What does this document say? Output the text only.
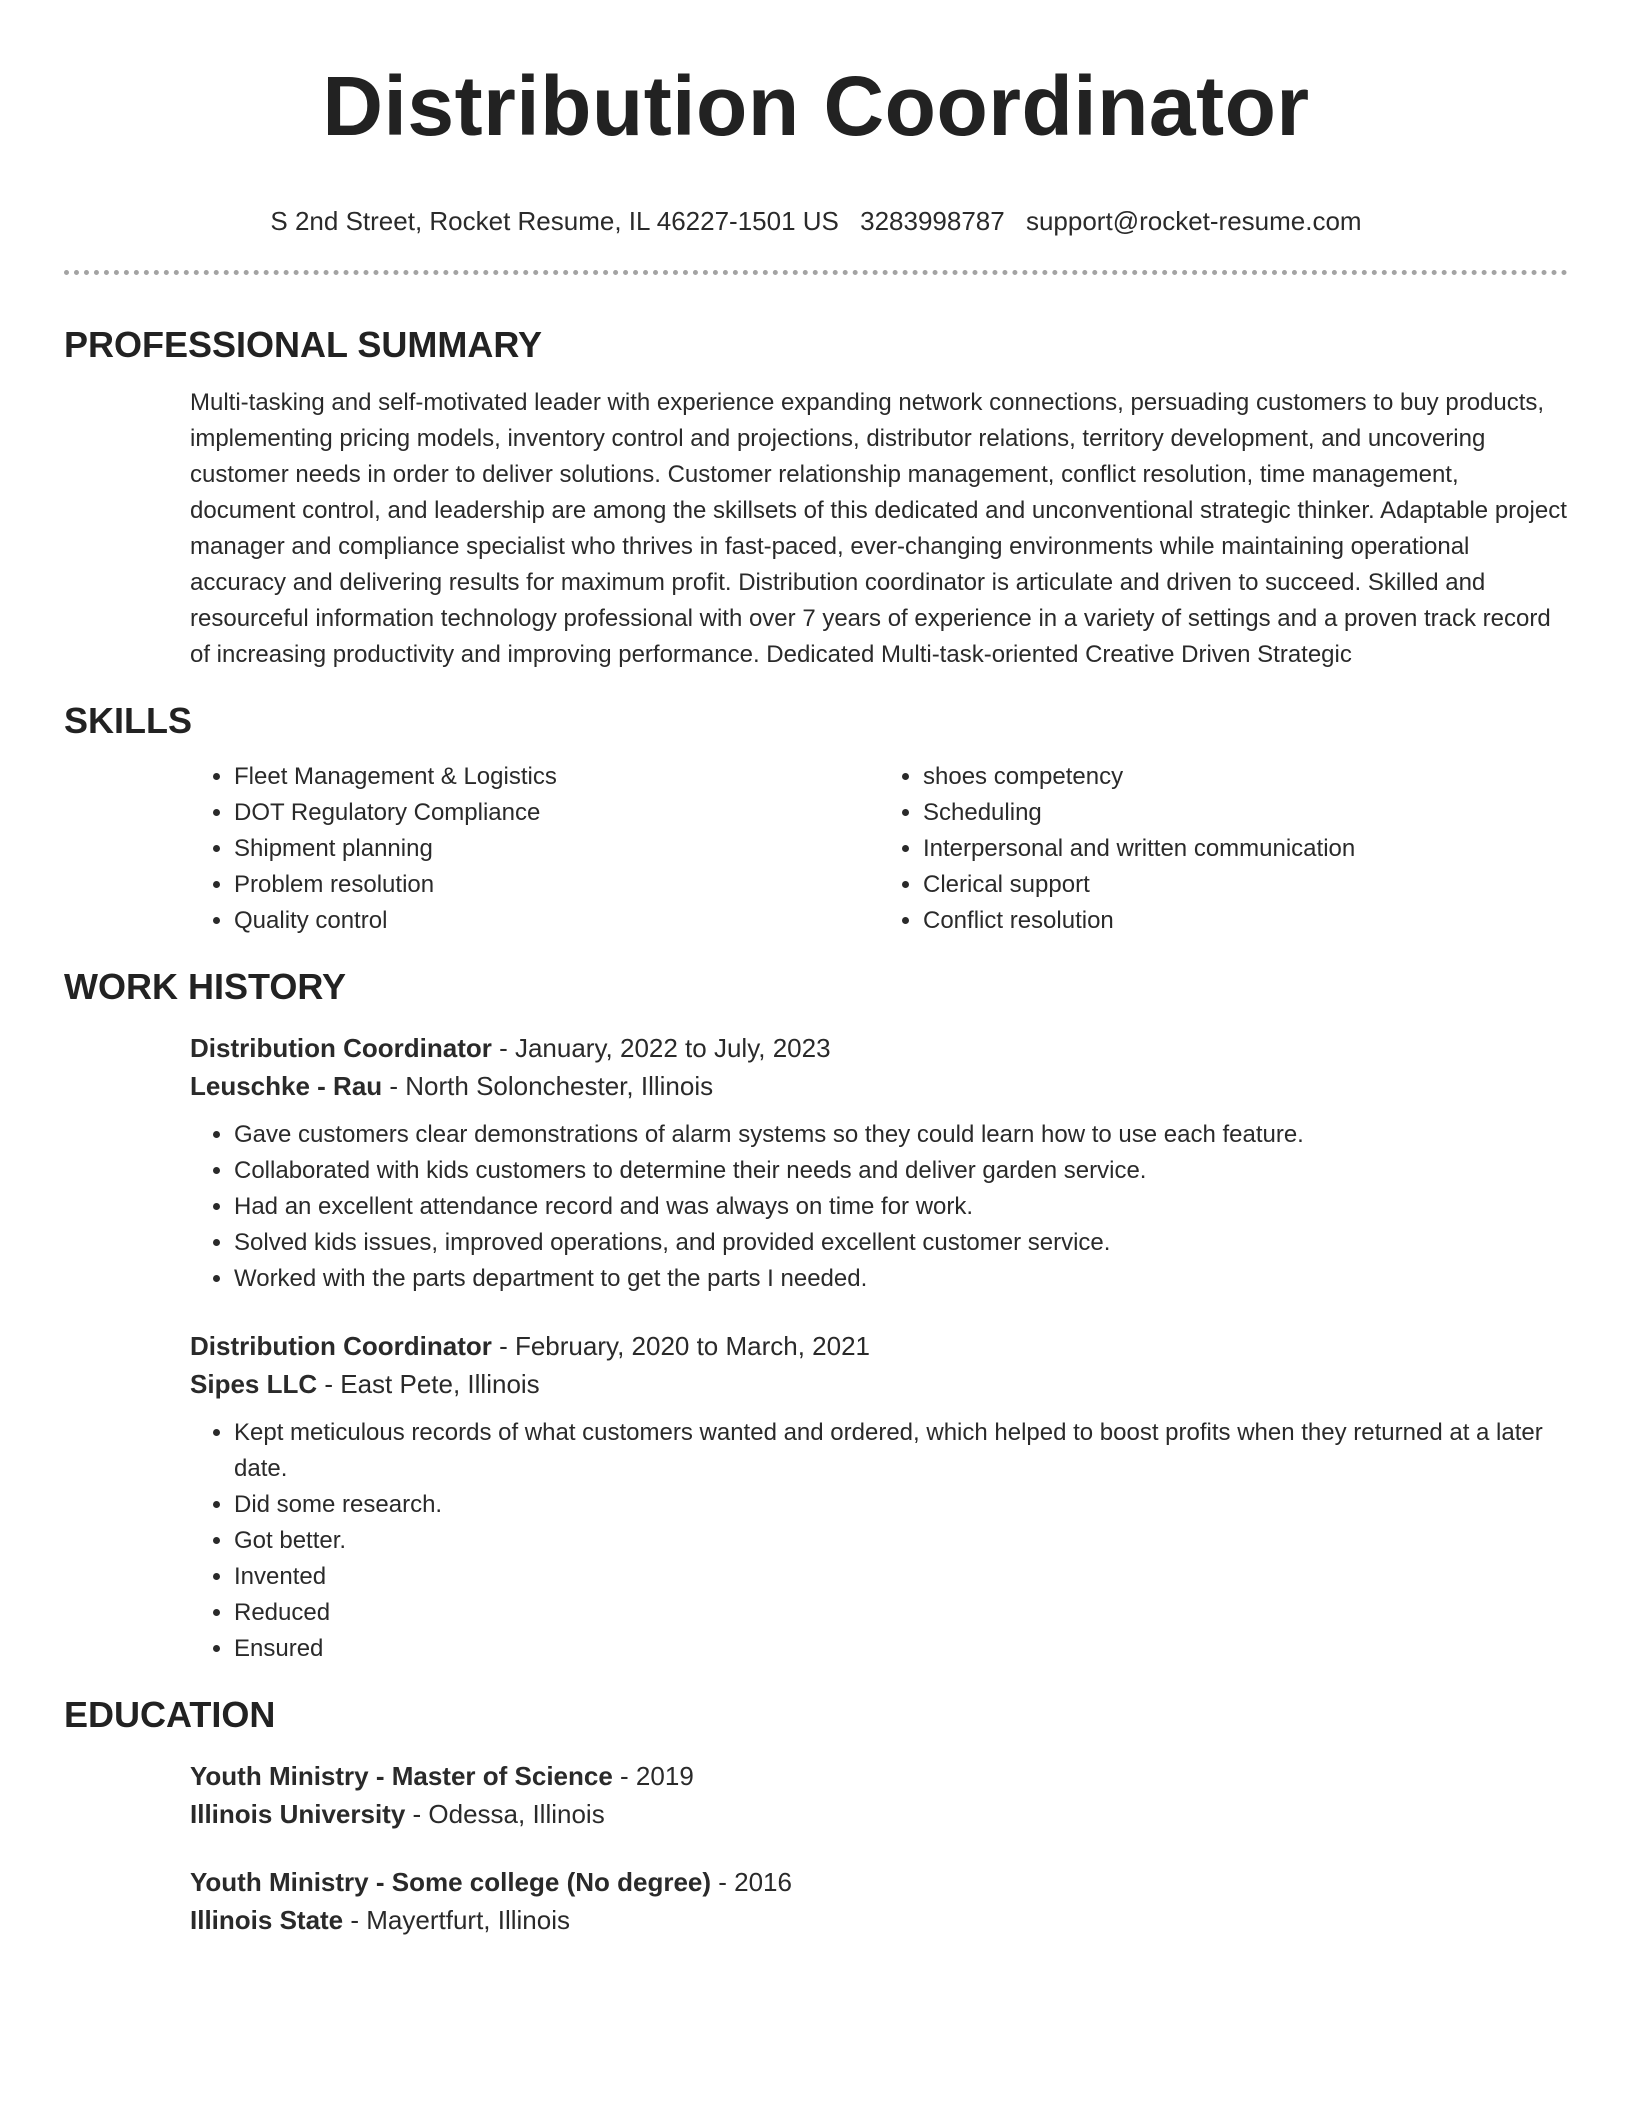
Distribution Coordinator
S 2nd Street, Rocket Resume, IL 46227-1501 US 3283998787 support@rocket-resume.com
PROFESSIONAL SUMMARY
Multi-tasking and self-motivated leader with experience expanding network connections, persuading customers to buy products, implementing pricing models, inventory control and projections, distributor relations, territory development, and uncovering customer needs in order to deliver solutions. Customer relationship management, conflict resolution, time management, document control, and leadership are among the skillsets of this dedicated and unconventional strategic thinker. Adaptable project manager and compliance specialist who thrives in fast-paced, ever-changing environments while maintaining operational accuracy and delivering results for maximum profit. Distribution coordinator is articulate and driven to succeed. Skilled and resourceful information technology professional with over 7 years of experience in a variety of settings and a proven track record of increasing productivity and improving performance. Dedicated Multi-task-oriented Creative Driven Strategic
SKILLS
• Fleet Management & Logistics
• DOT Regulatory Compliance
• Shipment planning
• Problem resolution
• Quality control
• shoes competency
• Scheduling
• Interpersonal and written communication
• Clerical support
• Conflict resolution
WORK HISTORY
Distribution Coordinator - January, 2022 to July, 2023
Leuschke - Rau - North Solonchester, Illinois
• Gave customers clear demonstrations of alarm systems so they could learn how to use each feature.
• Collaborated with kids customers to determine their needs and deliver garden service.
• Had an excellent attendance record and was always on time for work.
• Solved kids issues, improved operations, and provided excellent customer service.
• Worked with the parts department to get the parts I needed.
Distribution Coordinator - February, 2020 to March, 2021
Sipes LLC - East Pete, Illinois
• Kept meticulous records of what customers wanted and ordered, which helped to boost profits when they returned at a later date.
• Did some research.
• Got better.
• Invented
• Reduced
• Ensured
EDUCATION
Youth Ministry - Master of Science - 2019
Illinois University - Odessa, Illinois
Youth Ministry - Some college (No degree) - 2016
Illinois State - Mayertfurt, Illinois
